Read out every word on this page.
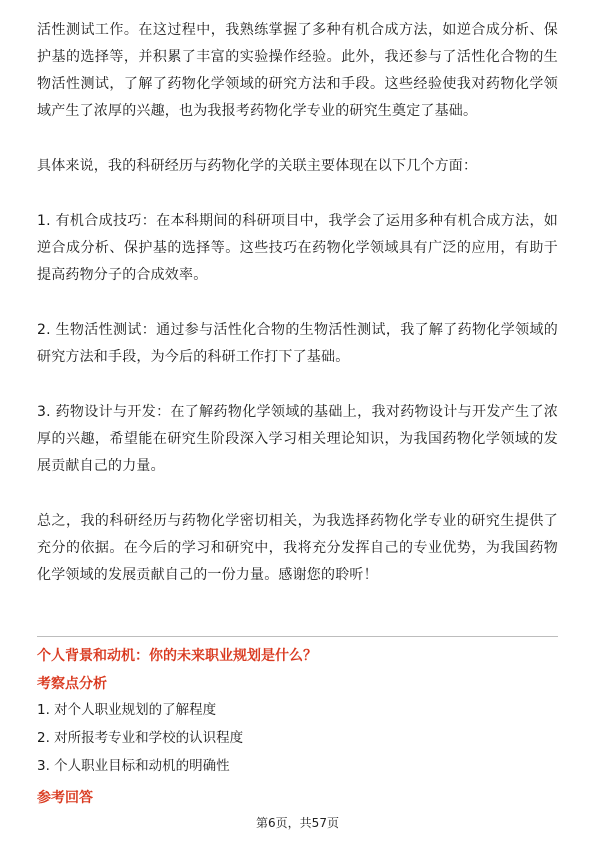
活性测试工作。在这过程中，我熟练掌握了多种有机合成方法，如逆合成分析、保护基的选择等，并积累了丰富的实验操作经验。此外，我还参与了活性化合物的生物活性测试，了解了药物化学领域的研究方法和手段。这些经验使我对药物化学领域产生了浓厚的兴趣，也为我报考药物化学专业的研究生奠定了基础。

具体来说，我的科研经历与药物化学的关联主要体现在以下几个方面：

1. 有机合成技巧：在本科期间的科研项目中，我学会了运用多种有机合成方法，如逆合成分析、保护基的选择等。这些技巧在药物化学领域具有广泛的应用，有助于提高药物分子的合成效率。

2. 生物活性测试：通过参与活性化合物的生物活性测试，我了解了药物化学领域的研究方法和手段，为今后的科研工作打下了基础。

3. 药物设计与开发：在了解药物化学领域的基础上，我对药物设计与开发产生了浓厚的兴趣，希望能在研究生阶段深入学习相关理论知识，为我国药物化学领域的发展贡献自己的力量。

总之，我的科研经历与药物化学密切相关，为我选择药物化学专业的研究生提供了充分的依据。在今后的学习和研究中，我将充分发挥自己的专业优势，为我国药物化学领域的发展贡献自己的一份力量。感谢您的聆听！

个人背景和动机：你的未来职业规划是什么？

考察点分析

1. 对个人职业规划的了解程度

2. 对所报考专业和学校的认识程度

3. 个人职业目标和动机的明确性

参考回答

第6页，共57页
